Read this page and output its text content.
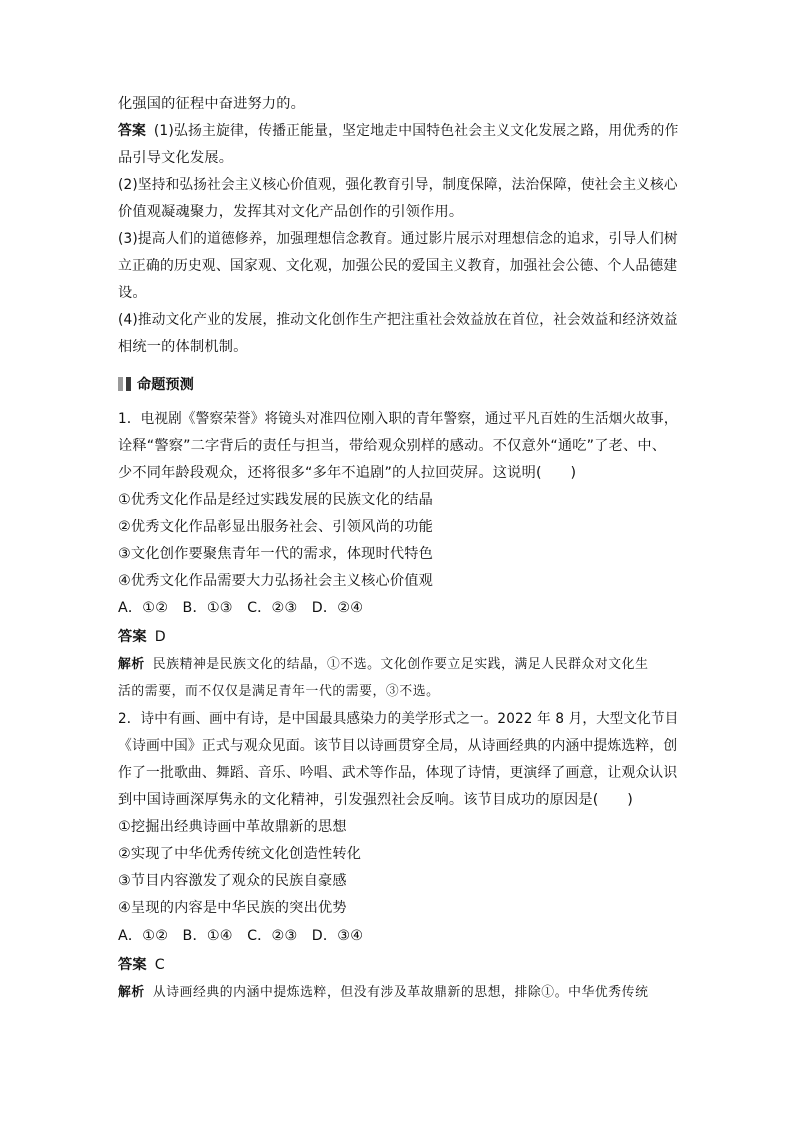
化强国的征程中奋进努力的。
答案 (1)弘扬主旋律，传播正能量，坚定地走中国特色社会主义文化发展之路，用优秀的作
品引导文化发展。
(2)坚持和弘扬社会主义核心价值观，强化教育引导，制度保障，法治保障，使社会主义核心
价值观凝魂聚力，发挥其对文化产品创作的引领作用。
(3)提高人们的道德修养，加强理想信念教育。通过影片展示对理想信念的追求，引导人们树
立正确的历史观、国家观、文化观，加强公民的爱国主义教育，加强社会公德、个人品德建
设。
(4)推动文化产业的发展，推动文化创作生产把注重社会效益放在首位，社会效益和经济效益
相统一的体制机制。
命题预测
1．电视剧《警察荣誉》将镜头对准四位刚入职的青年警察，通过平凡百姓的生活烟火故事，
诠释“警察”二字背后的责任与担当，带给观众别样的感动。不仅意外“通吃”了老、中、
少不同年龄段观众，还将很多“多年不追剧”的人拉回荧屏。这说明(　　)
①优秀文化作品是经过实践发展的民族文化的结晶
②优秀文化作品彰显出服务社会、引领风尚的功能
③文化创作要聚焦青年一代的需求，体现时代特色
④优秀文化作品需要大力弘扬社会主义核心价值观
A．①②　B．①③　C．②③　D．②④
答案 D
解析 民族精神是民族文化的结晶，①不选。文化创作要立足实践，满足人民群众对文化生
活的需要，而不仅仅是满足青年一代的需要，③不选。
2．诗中有画、画中有诗，是中国最具感染力的美学形式之一。2022 年 8 月，大型文化节目
《诗画中国》正式与观众见面。该节目以诗画贯穿全局，从诗画经典的内涵中提炼选粹，创
作了一批歌曲、舞蹈、音乐、吟唱、武术等作品，体现了诗情，更演绎了画意，让观众认识
到中国诗画深厚隽永的文化精神，引发强烈社会反响。该节目成功的原因是(　　)
①挖掘出经典诗画中革故鼎新的思想
②实现了中华优秀传统文化创造性转化
③节目内容激发了观众的民族自豪感
④呈现的内容是中华民族的突出优势
A．①②　B．①④　C．②③　D．③④
答案 C
解析 从诗画经典的内涵中提炼选粹，但没有涉及革故鼎新的思想，排除①。中华优秀传统
